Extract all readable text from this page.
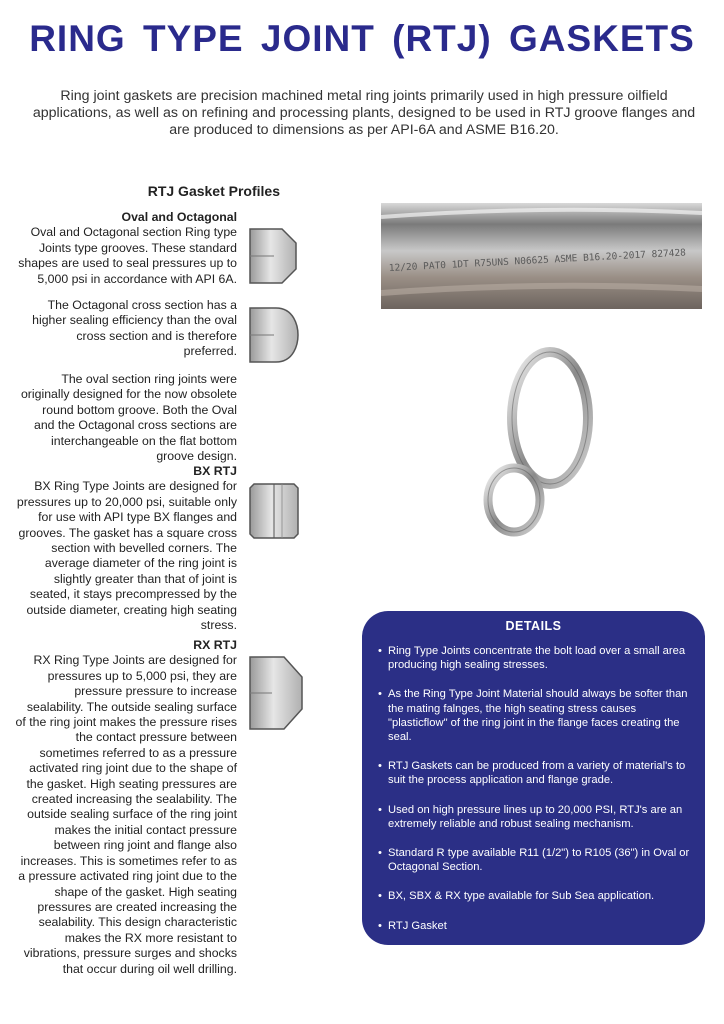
RING TYPE JOINT (RTJ) GASKETS
Ring joint gaskets are precision machined metal ring joints primarily used in high pressure oilfield applications, as well as on refining and processing plants, designed to be used in RTJ groove flanges and are produced to dimensions as per API-6A and ASME B16.20.
RTJ Gasket Profiles
Oval and Octagonal
Oval and Octagonal section Ring type Joints type grooves. These standard shapes are used to seal pressures up to 5,000 psi in accordance with API 6A.
The Octagonal cross section has a higher sealing efficiency than the oval cross section and is therefore preferred.
The oval section ring joints were originally designed for the now obsolete round bottom groove. Both the Oval and the Octagonal cross sections are interchangeable on the flat bottom groove design.
BX RTJ
BX Ring Type Joints are designed for pressures up to 20,000 psi, suitable only for use with API type BX flanges and grooves. The gasket has a square cross section with bevelled corners. The average diameter of the ring joint is slightly greater than that of joint is seated, it stays precompressed by the outside diameter, creating high seating stress.
RX RTJ
RX Ring Type Joints are designed for pressures up to 5,000 psi, they are pressure pressure to increase sealability. The outside sealing surface of the ring joint makes the pressure rises the contact pressure between sometimes referred to as a pressure activated ring joint due to the shape of the gasket. High seating pressures are created increasing the sealability. The outside sealing surface of the ring joint makes the initial contact pressure between ring joint and flange also increases. This is sometimes refer to as a pressure activated ring joint due to the shape of the gasket. High seating pressures are created increasing the sealability. This design characteristic makes the RX more resistant to vibrations, pressure surges and shocks that occur during oil well drilling.
12/20 PAT0 1DT R75UNS N06625 ASME B16.20-2017 827428
DETAILS
• Ring Type Joints concentrate the bolt load over a small area producing high sealing stresses.
• As the Ring Type Joint Material should always be softer than the mating falnges, the high seating stress causes "plasticflow" of the ring joint in the flange faces creating the seal.
• RTJ Gaskets can be produced from a variety of material's to suit the process application and flange grade.
• Used on high pressure lines up to 20,000 PSI, RTJ's are an extremely reliable and robust sealing mechanism.
• Standard R type available R11 (1/2") to R105 (36") in Oval or Octagonal Section.
• BX, SBX & RX type available for Sub Sea application.
• RTJ Gasket
